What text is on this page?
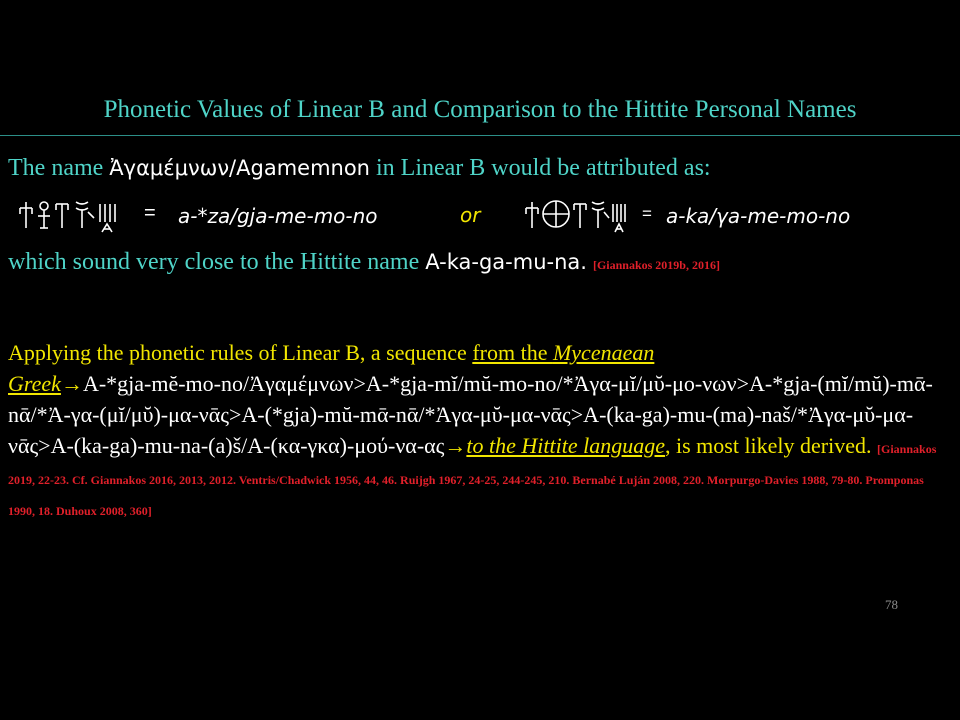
Phonetic Values of Linear B and Comparison to the Hittite Personal Names
The name Ἀγαμέμνων/Agamemnon in Linear B would be attributed as:
= a-*za/gja-me-mo-no	or	= a-ka/γa-me-mo-no
which sound very close to the Hittite name A-ka-ga-mu-na. [Giannakos 2019b, 2016]
Applying the phonetic rules of Linear B, a sequence from the Mycenaean
Greek→A-*gja-mĕ-mo-no/Ἀγαμέμνων>A-*gja-mĭ/mŭ-mo-no/*Ἀγα-μĭ/μῠ-μο-νων>A-*gja-(mĭ/mŭ)-mᾱ-nᾱ/*Ἀ-γα-(μĭ/μῠ)-μα-νᾱς>A-(*gja)-mŭ-mᾱ-nᾱ/*Ἀγα-μῠ-μα-νᾱς>A-(ka-ga)-mu-(ma)-naš/*Ἀγα-μῠ-μα-νᾱς>A-(ka-ga)-mu-na-(a)š/A-(κα-γκα)-μού-να-ας→to the Hittite language, is most likely derived. [Giannakos 2019, 22-23. Cf. Giannakos 2016, 2013, 2012. Ventris/Chadwick 1956, 44, 46. Ruijgh 1967, 24-25, 244-245, 210. Bernabé Luján 2008, 220. Morpurgo-Davies 1988, 79-80. Promponas 1990, 18. Duhoux 2008, 360]
78
